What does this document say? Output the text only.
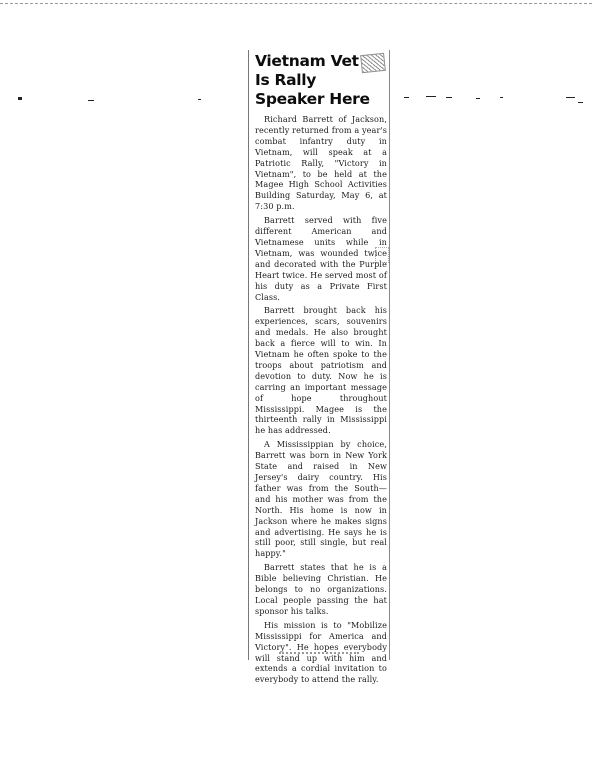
Vietnam Vet
Is Rally
Speaker Here

Richard Barrett of Jackson, recently returned from a year's combat infantry duty in Vietnam, will speak at a Patriotic Rally, "Victory in Vietnam", to be held at the Magee High School Activities Building Saturday, May 6, at 7:30 p.m.

Barrett served with five different American and Vietnamese units while in Vietnam, was wounded twice and decorated with the Purple Heart twice. He served most of his duty as a Private First Class.

Barrett brought back his experiences, scars, souvenirs and medals. He also brought back a fierce will to win. In Vietnam he often spoke to the troops about patriotism and devotion to duty. Now he is carring an important message of hope throughout Mississippi. Magee is the thirteenth rally in Mississippi he has addressed.

A Mississippian by choice, Barrett was born in New York State and raised in New Jersey's dairy country. His father was from the South— and his mother was from the North. His home is now in Jackson where he makes signs and advertising. He says he is still poor, still single, but real happy."

Barrett states that he is a Bible believing Christian. He belongs to no organizations. Local people passing the hat sponsor his talks.

His mission is to "Mobilize Mississippi for America and Victory". He hopes everybody will stand up with him and extends a cordial invitation to everybody to attend the rally.
